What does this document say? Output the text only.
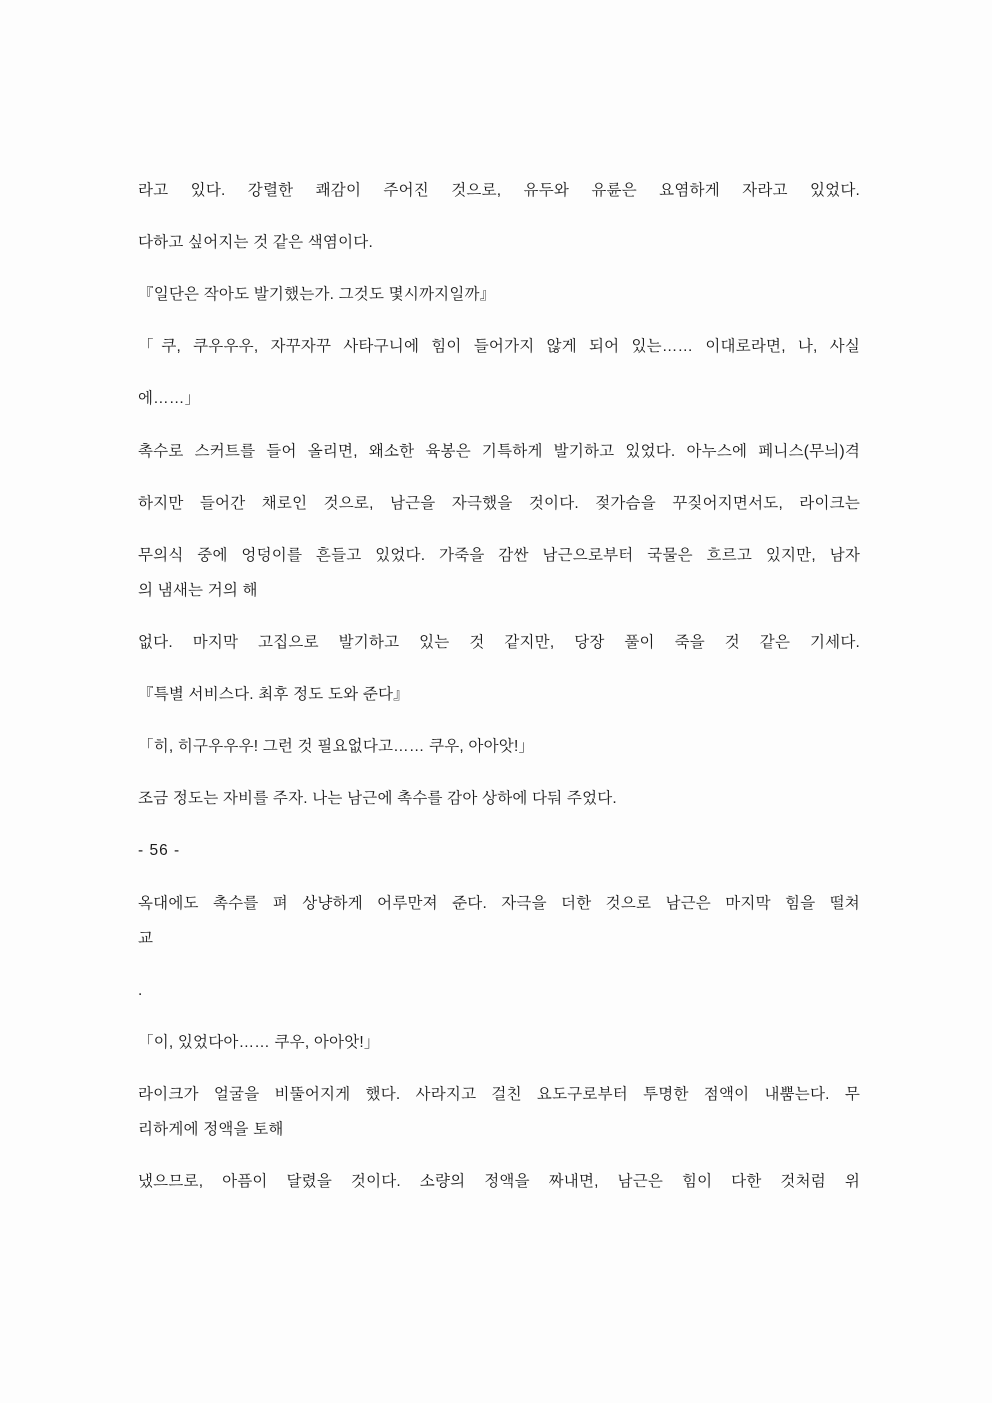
라고 있다. 강렬한 쾌감이 주어진 것으로, 유두와 유륜은 요염하게 자라고 있었다.

다하고 싶어지는 것 같은 색염이다.

『일단은 작아도 발기했는가. 그것도 몇시까지일까』

「쿠, 쿠우우우, 자꾸자꾸 사타구니에 힘이 들어가지 않게 되어 있는…… 이대로라면, 나, 사실

에……」

촉수로 스커트를 들어 올리면, 왜소한 육봉은 기특하게 발기하고 있었다. 아누스에 페니스(무늬)격

하지만 들어간 채로인 것으로, 남근을 자극했을 것이다. 젖가슴을 꾸짖어지면서도, 라이크는

무의식 중에 엉덩이를 흔들고 있었다. 가죽을 감싼 남근으로부터 국물은 흐르고 있지만, 남자

의 냄새는 거의 해

없다. 마지막 고집으로 발기하고 있는 것 같지만, 당장 풀이 죽을 것 같은 기세다.

『특별 서비스다. 최후 정도 도와 준다』

「히, 히구우우우! 그런 것 필요없다고…… 쿠우, 아아앗!」

조금 정도는 자비를 주자. 나는 남근에 촉수를 감아 상하에 다둬 주었다.

- 56 -

옥대에도 촉수를 펴 상냥하게 어루만져 준다. 자극을 더한 것으로 남근은 마지막 힘을 떨쳐

교

.

「이, 있었다아…… 쿠우, 아아앗!」

라이크가 얼굴을 비뚤어지게 했다. 사라지고 걸친 요도구로부터 투명한 점액이 내뿜는다. 무

리하게에 정액을 토해

냈으므로, 아픔이 달렸을 것이다. 소량의 정액을 짜내면, 남근은 힘이 다한 것처럼 위
